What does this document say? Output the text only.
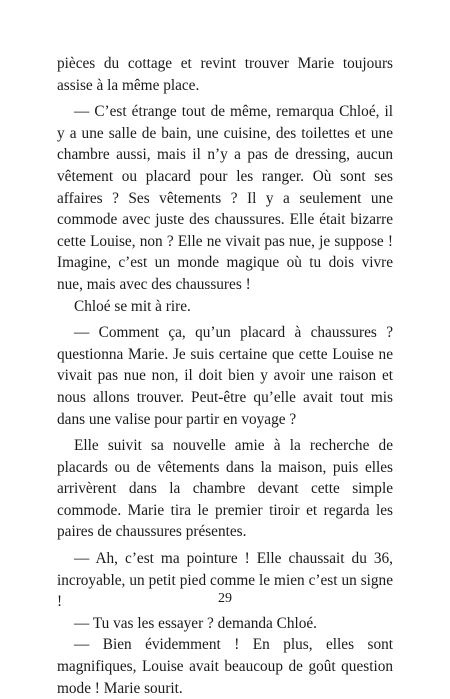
pièces du cottage et revint trouver Marie toujours assise à la même place.

— C’est étrange tout de même, remarqua Chloé, il y a une salle de bain, une cuisine, des toilettes et une chambre aussi, mais il n’y a pas de dressing, aucun vêtement ou placard pour les ranger. Où sont ses affaires ? Ses vêtements ? Il y a seulement une commode avec juste des chaussures. Elle était bizarre cette Louise, non ? Elle ne vivait pas nue, je suppose ! Imagine, c’est un monde magique où tu dois vivre nue, mais avec des chaussures !

Chloé se mit à rire.

— Comment ça, qu’un placard à chaussures ? questionna Marie. Je suis certaine que cette Louise ne vivait pas nue non, il doit bien y avoir une raison et nous allons trouver. Peut-être qu’elle avait tout mis dans une valise pour partir en voyage ?

Elle suivit sa nouvelle amie à la recherche de placards ou de vêtements dans la maison, puis elles arrivèrent dans la chambre devant cette simple commode. Marie tira le premier tiroir et regarda les paires de chaussures présentes.

— Ah, c’est ma pointure ! Elle chaussait du 36, incroyable, un petit pied comme le mien c’est un signe !

— Tu vas les essayer ? demanda Chloé.

— Bien évidemment ! En plus, elles sont magnifiques, Louise avait beaucoup de goût question mode ! Marie sourit.

29
